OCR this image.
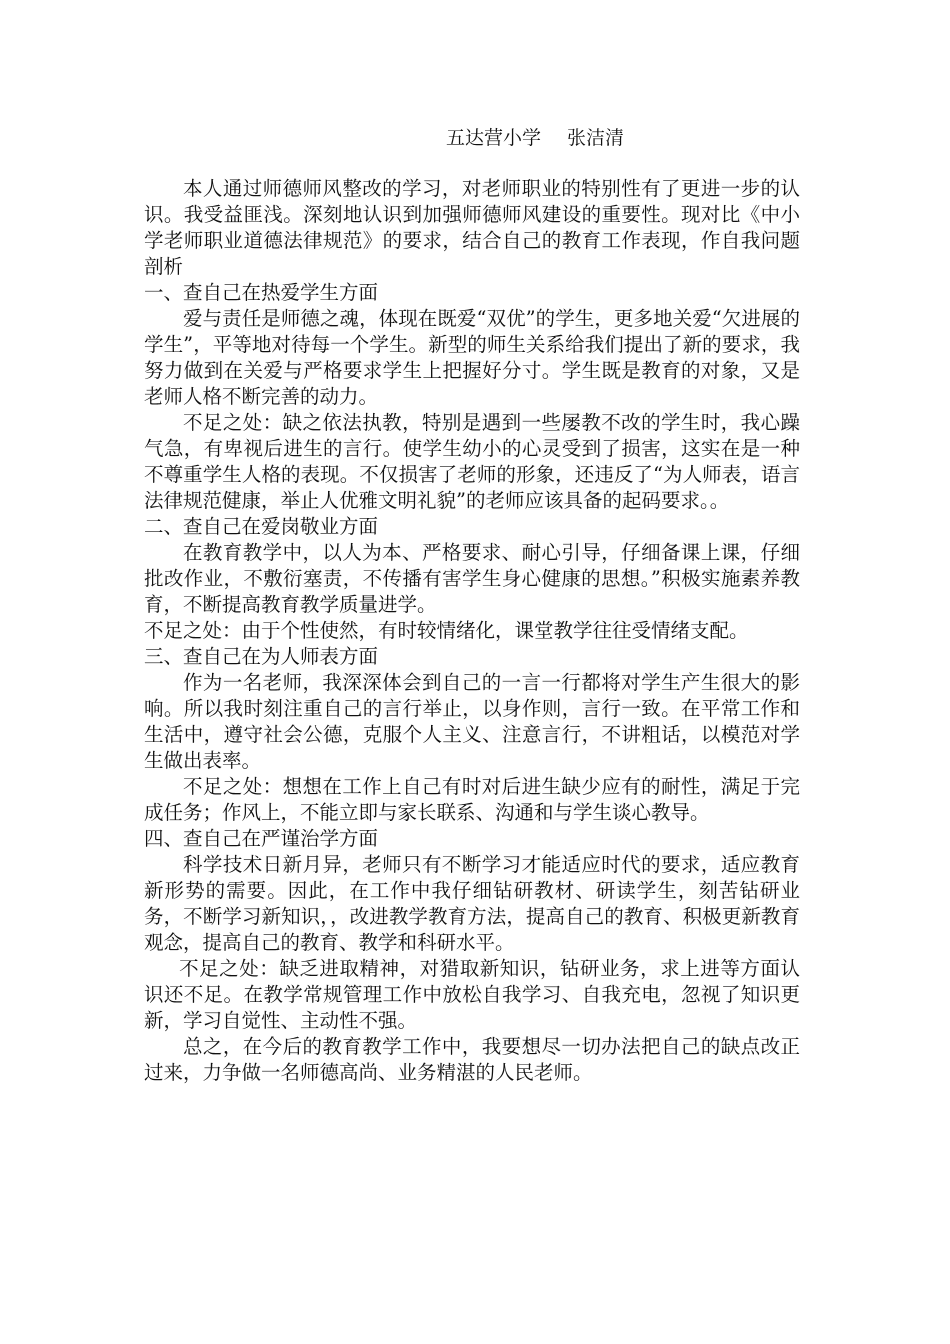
五达营小学 张洁清

本人通过师德师风整改的学习，对老师职业的特别性有了更进一步的认识。我受益匪浅。深刻地认识到加强师德师风建设的重要性。现对比《中小学老师职业道德法律规范》的要求，结合自己的教育工作表现，作自我问题剖析

一、查自己在热爱学生方面

爱与责任是师德之魂，体现在既爱“双优”的学生，更多地关爱“欠进展的学生”，平等地对待每一个学生。新型的师生关系给我们提出了新的要求，我努力做到在关爱与严格要求学生上把握好分寸。学生既是教育的对象，又是老师人格不断完善的动力。

不足之处：缺之依法执教，特别是遇到一些屡教不改的学生时，我心躁气急，有卑视后进生的言行。使学生幼小的心灵受到了损害，这实在是一种不尊重学生人格的表现。不仅损害了老师的形象，还违反了“为人师表，语言法律规范健康，举止人优雅文明礼貌”的老师应该具备的起码要求。。

二、查自己在爱岗敬业方面

在教育教学中，以人为本、严格要求、耐心引导，仔细备课上课，仔细批改作业，不敷衍塞责，不传播有害学生身心健康的思想。”积极实施素养教育，不断提高教育教学质量进学。

不足之处：由于个性使然，有时较情绪化，课堂教学往往受情绪支配。

三、查自己在为人师表方面

作为一名老师，我深深体会到自己的一言一行都将对学生产生很大的影响。所以我时刻注重自己的言行举止，以身作则，言行一致。在平常工作和生活中，遵守社会公德，克服个人主义、注意言行，不讲粗话，以模范对学生做出表率。

不足之处：想想在工作上自己有时对后进生缺少应有的耐性，满足于完成任务；作风上，不能立即与家长联系、沟通和与学生谈心教导。

四、查自己在严谨治学方面

科学技术日新月异，老师只有不断学习才能适应时代的要求，适应教育新形势的需要。因此，在工作中我仔细钻研教材、研读学生，刻苦钻研业务，不断学习新知识，，改进教学教育方法，提高自己的教育、积极更新教育观念，提高自己的教育、教学和科研水平。

不足之处：缺乏进取精神，对猎取新知识，钻研业务，求上进等方面认识还不足。在教学常规管理工作中放松自我学习、自我充电，忽视了知识更新，学习自觉性、主动性不强。

总之，在今后的教育教学工作中，我要想尽一切办法把自己的缺点改正过来，力争做一名师德高尚、业务精湛的人民老师。
